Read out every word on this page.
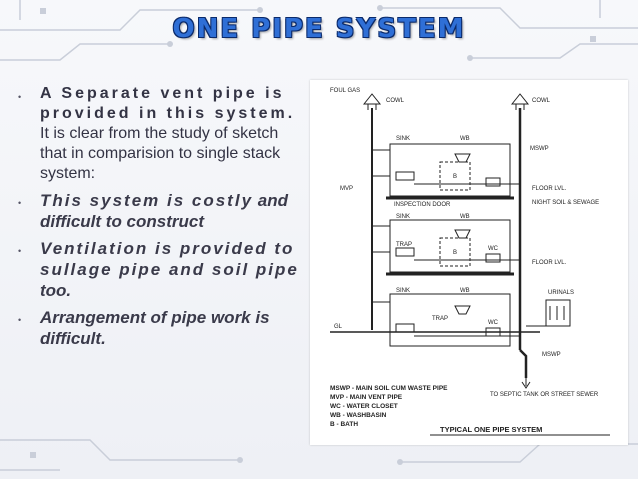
ONE PIPE SYSTEM
• A Separate vent pipe is provided in this system. It is clear from the study of sketch that in comparision to single stack system:
• This system is costly and difficult to construct
• Ventilation is provided to sullage pipe and soil pipe too.
• Arrangement of pipe work is difficult.
FOUL GAS
COWL	COWL
SINK	WB
B
MSWP
FLOOR LVL.
MVP
INSPECTION DOOR	NIGHT SOIL & SEWAGE
SINK	WB
TRAP
B
WC
FLOOR LVL.
URINALS
SINK	WB
GL
TRAP
WC
MSWP
TO SEPTIC TANK OR STREET SEWER
MSWP - MAIN SOIL CUM WASTE PIPE
MVP - MAIN VENT PIPE
WC - WATER CLOSET
WB - WASHBASIN
B - BATH
TYPICAL ONE PIPE SYSTEM
